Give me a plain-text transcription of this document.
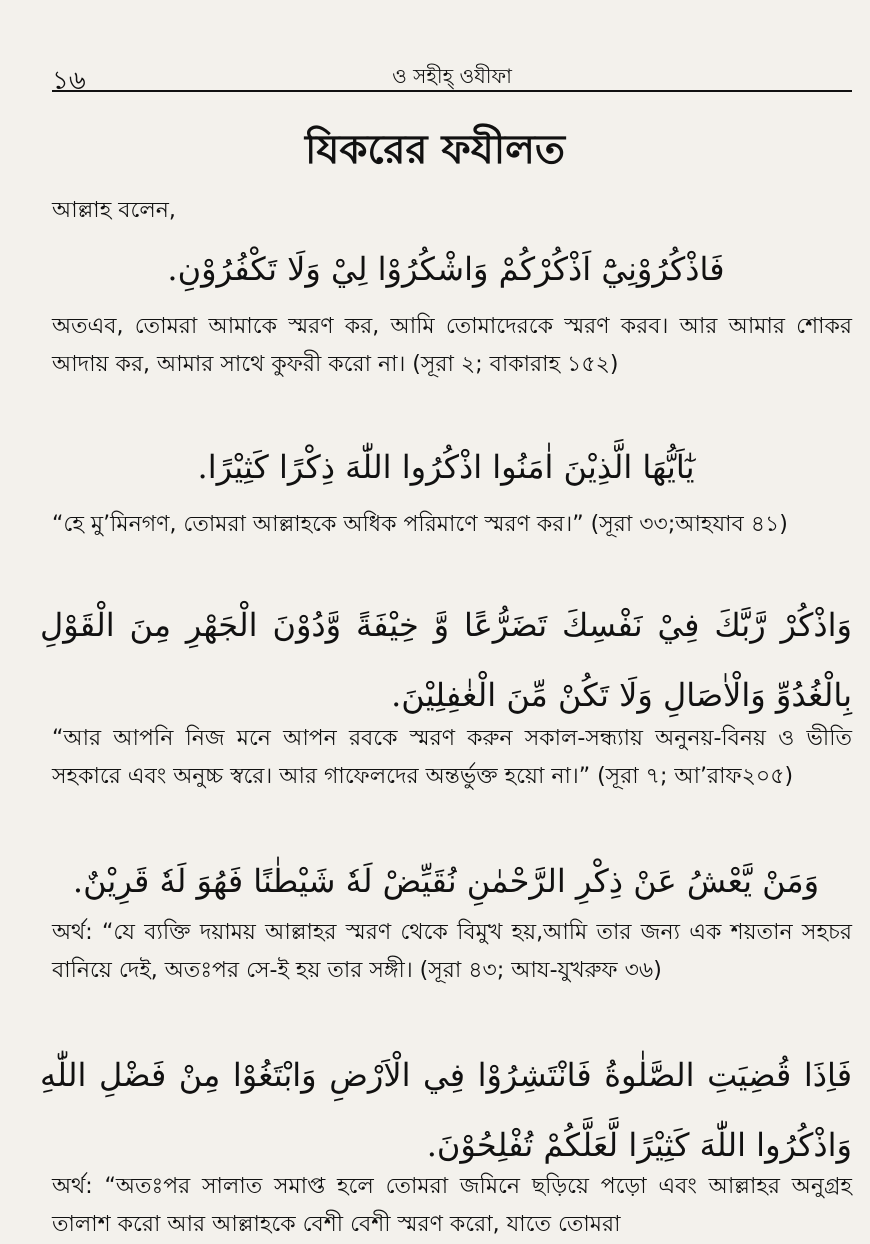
১৬	ও সহীহ্ ওযীফা
যিকরের ফযীলত
আল্লাহ বলেন,
فَاذْكُرُوْنِيْٓ اَذْكُرْكُمْ وَاشْكُرُوْا لِيْ وَلَا تَكْفُرُوْنِ.
অতএব, তোমরা আমাকে স্মরণ কর, আমি তোমাদেরকে স্মরণ করব। আর আমার শোকর আদায় কর, আমার সাথে কুফরী করো না। (সূরা ২; বাকারাহ ১৫২)
يٰٓاَيُّهَا الَّذِيْنَ اٰمَنُوا اذْكُرُوا اللّٰهَ ذِكْرًا كَثِيْرًا.
“হে মু’মিনগণ, তোমরা আল্লাহকে অধিক পরিমাণে স্মরণ কর।” (সূরা ৩৩;আহযাব ৪১)
وَاذْكُرْ رَّبَّكَ فِيْ نَفْسِكَ تَضَرُّعًا وَّ خِيْفَةً وَّدُوْنَ الْجَهْرِ مِنَ الْقَوْلِ بِالْغُدُوِّ وَالْاٰصَالِ وَلَا تَكُنْ مِّنَ الْغٰفِلِيْنَ.
“আর আপনি নিজ মনে আপন রবকে স্মরণ করুন সকাল-সন্ধ্যায় অনুনয়-বিনয় ও ভীতি সহকারে এবং অনুচ্চ স্বরে। আর গাফেলদের অন্তর্ভুক্ত হয়ো না।” (সূরা ৭; আ’রাফ২০৫)
وَمَنْ يَّعْشُ عَنْ ذِكْرِ الرَّحْمٰنِ نُقَيِّضْ لَهٗ شَيْطٰنًا فَهُوَ لَهٗ قَرِيْنٌ.
অর্থ: “যে ব্যক্তি দয়াময় আল্লাহর স্মরণ থেকে বিমুখ হয়,আমি তার জন্য এক শয়তান সহচর বানিয়ে দেই, অতঃপর সে-ই হয় তার সঙ্গী। (সূরা ৪৩; আয-যুখরুফ ৩৬)
فَاِذَا قُضِيَتِ الصَّلٰوةُ فَانْتَشِرُوْا فِي الْاَرْضِ وَابْتَغُوْا مِنْ فَضْلِ اللّٰهِ وَاذْكُرُوا اللّٰهَ كَثِيْرًا لَّعَلَّكُمْ تُفْلِحُوْنَ.
অর্থ: “অতঃপর সালাত সমাপ্ত হলে তোমরা জমিনে ছড়িয়ে পড়ো এবং আল্লাহর অনুগ্রহ তালাশ করো আর আল্লাহকে বেশী বেশী স্মরণ করো, যাতে তোমরা
